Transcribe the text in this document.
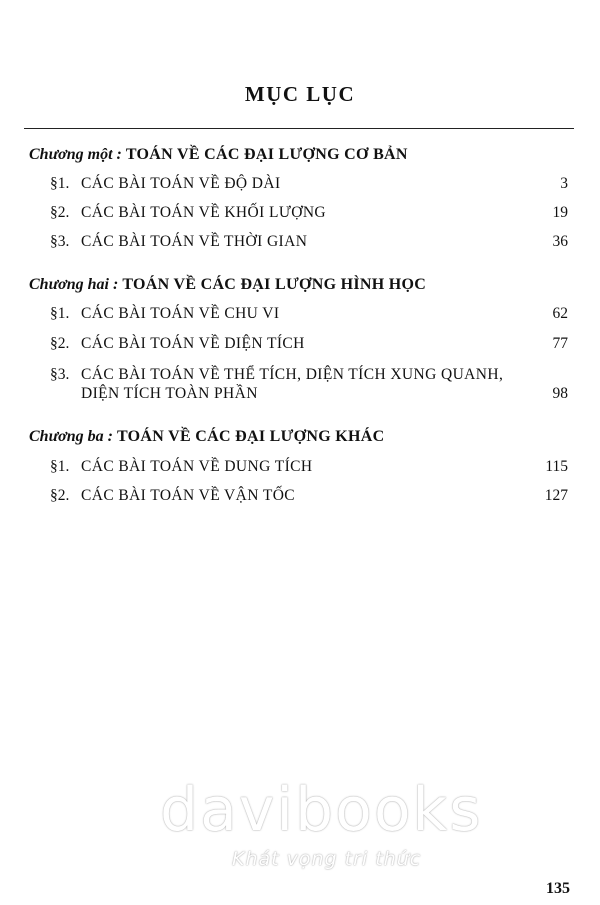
MỤC LỤC
Chương một : TOÁN VỀ CÁC ĐẠI LƯỢNG CƠ BẢN
§1. CÁC BÀI TOÁN VỀ ĐỘ DÀI	3
§2. CÁC BÀI TOÁN VỀ KHỐI LƯỢNG	19
§3. CÁC BÀI TOÁN VỀ THỜI GIAN	36
Chương hai : TOÁN VỀ CÁC ĐẠI LƯỢNG HÌNH HỌC
§1. CÁC BÀI TOÁN VỀ CHU VI	62
§2. CÁC BÀI TOÁN VỀ DIỆN TÍCH	77
§3. CÁC BÀI TOÁN VỀ THỂ TÍCH, DIỆN TÍCH XUNG QUANH,
DIỆN TÍCH TOÀN PHẦN	98
Chương ba : TOÁN VỀ CÁC ĐẠI LƯỢNG KHÁC
§1. CÁC BÀI TOÁN VỀ DUNG TÍCH	115
§2. CÁC BÀI TOÁN VỀ VẬN TỐC	127
davibooks
Khát vọng tri thức
135
